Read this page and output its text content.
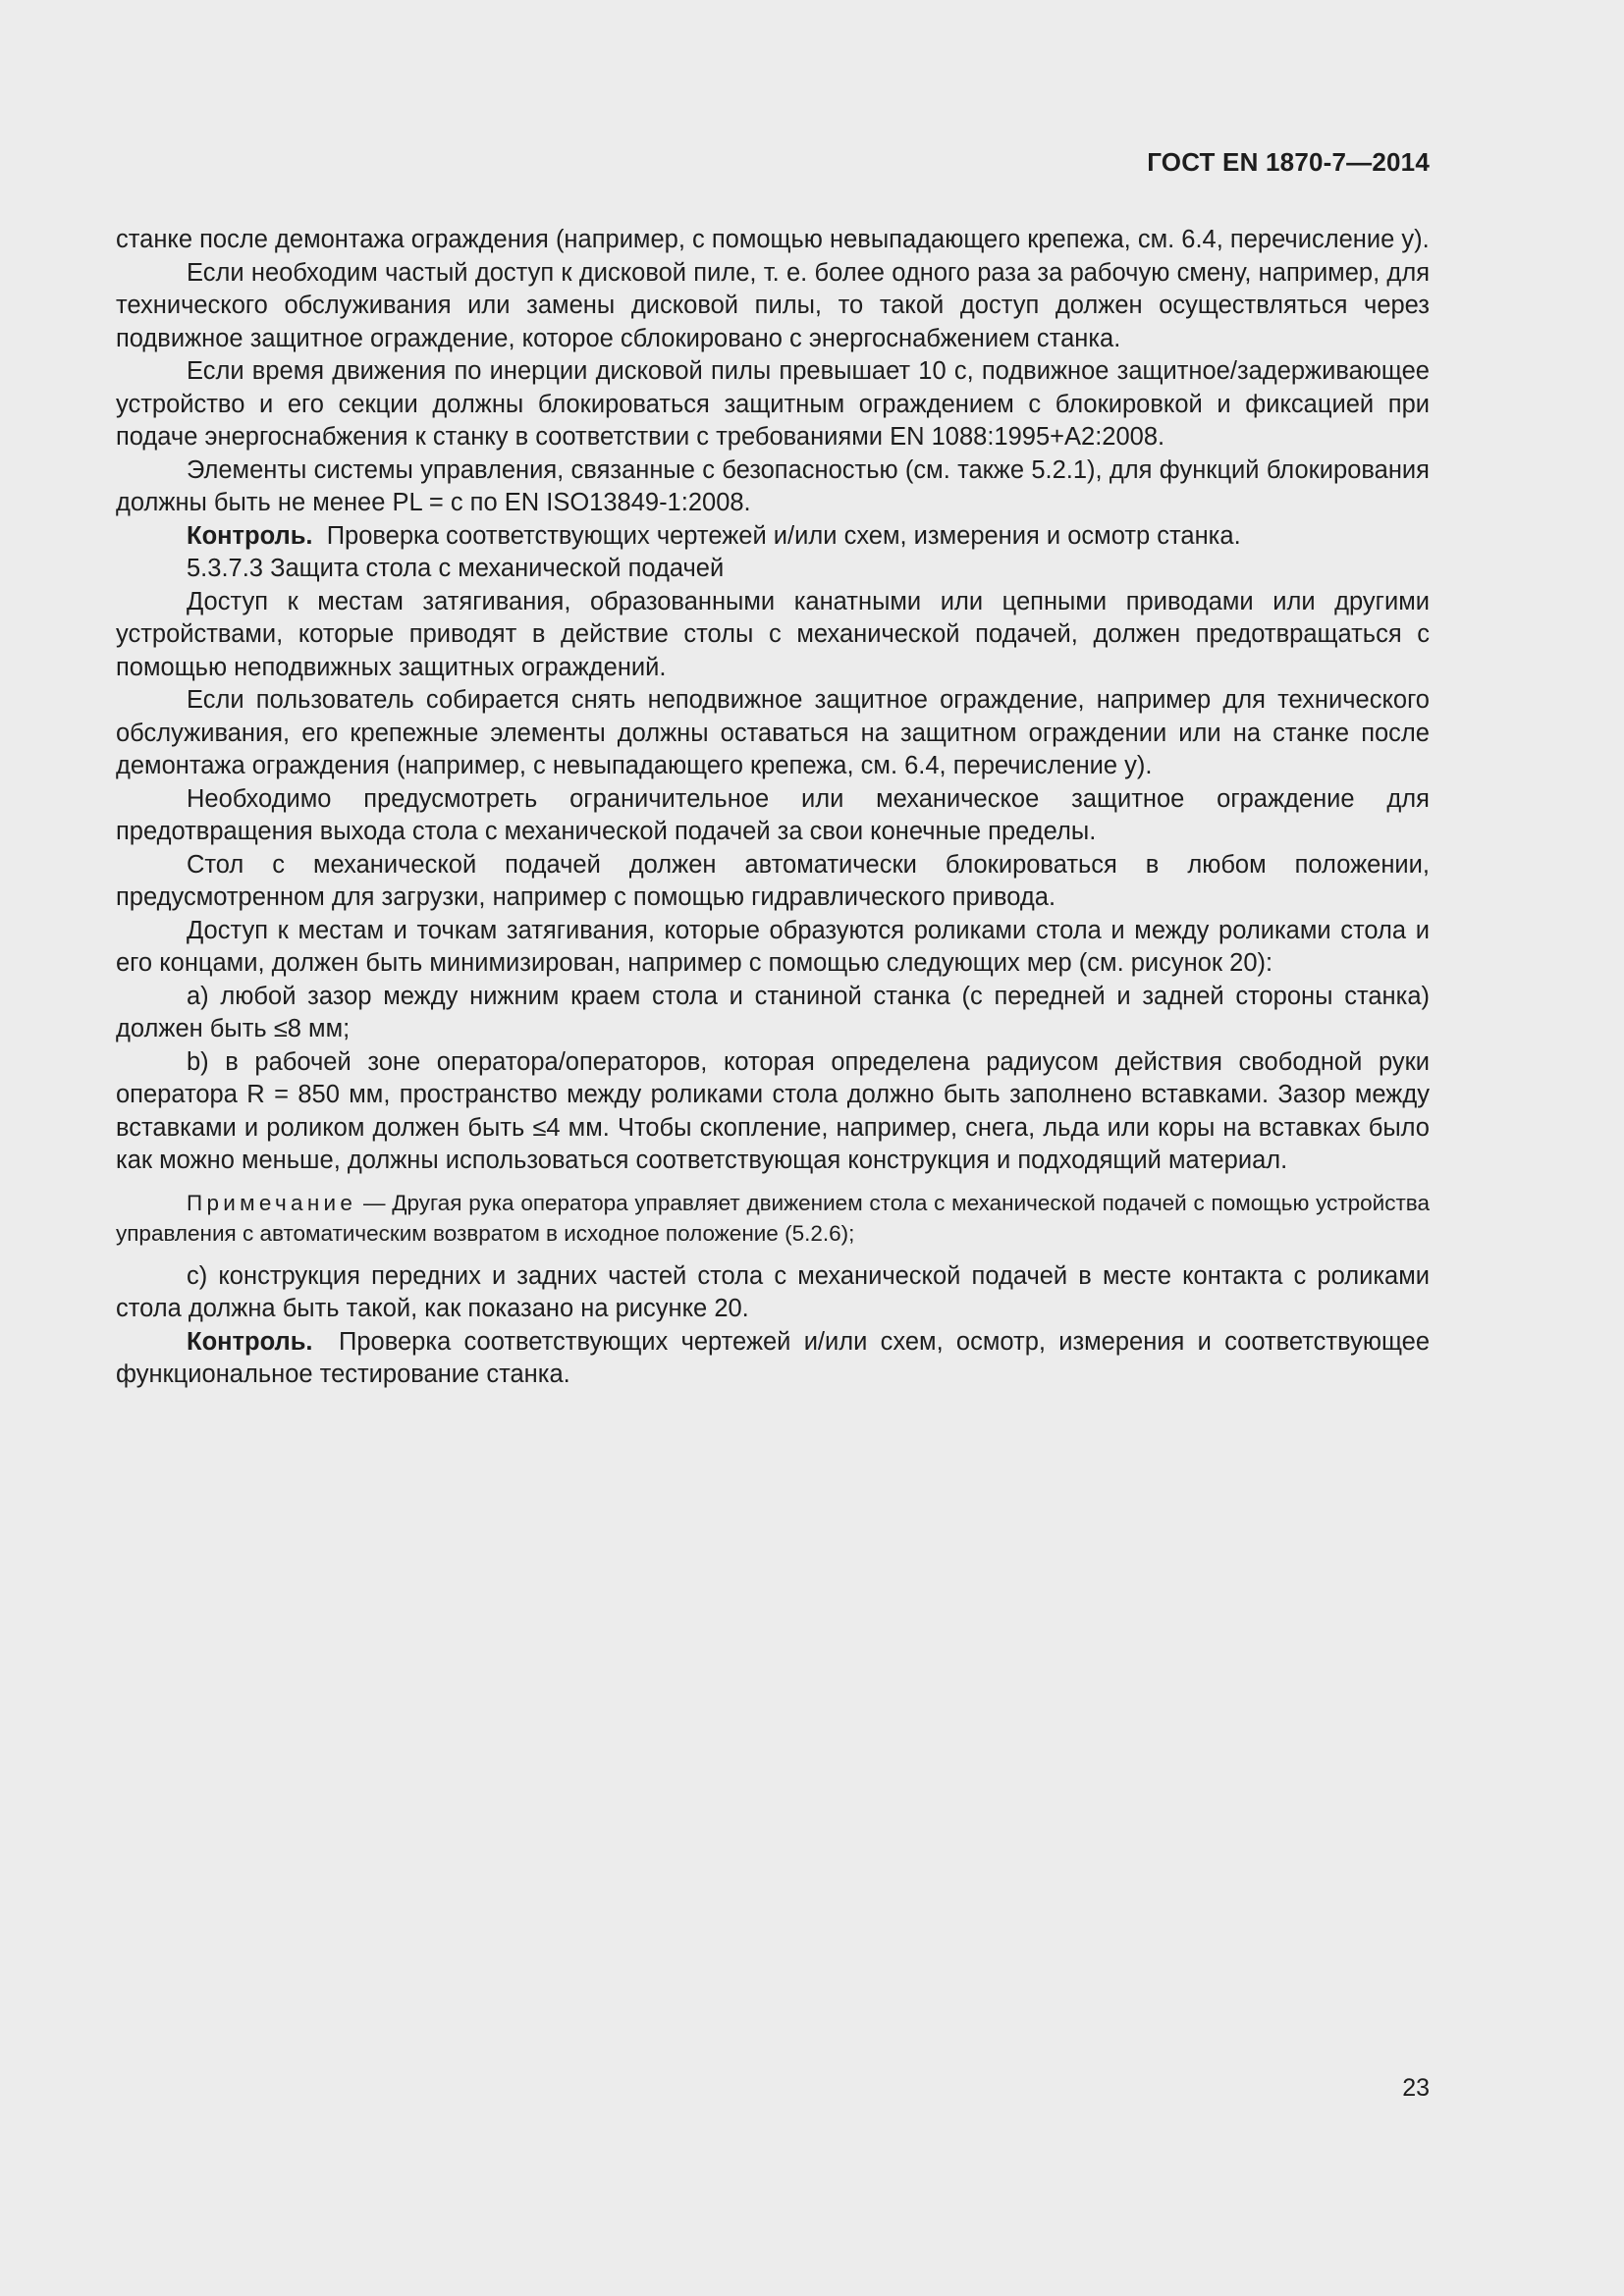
ГОСТ EN 1870-7—2014

станке после демонтажа ограждения (например, с помощью невыпадающего крепежа, см. 6.4, перечисление у).

Если необходим частый доступ к дисковой пиле, т. е. более одного раза за рабочую смену, например, для технического обслуживания или замены дисковой пилы, то такой доступ должен осуществляться через подвижное защитное ограждение, которое сблокировано с энергоснабжением станка.

Если время движения по инерции дисковой пилы превышает 10 с, подвижное защитное/задерживающее устройство и его секции должны блокироваться защитным ограждением с блокировкой и фиксацией при подаче энергоснабжения к станку в соответствии с требованиями EN 1088:1995+A2:2008.

Элементы системы управления, связанные с безопасностью (см. также 5.2.1), для функций блокирования должны быть не менее PL = с по EN ISO13849-1:2008.

Контроль. Проверка соответствующих чертежей и/или схем, измерения и осмотр станка.

5.3.7.3 Защита стола с механической подачей

Доступ к местам затягивания, образованными канатными или цепными приводами или другими устройствами, которые приводят в действие столы с механической подачей, должен предотвращаться с помощью неподвижных защитных ограждений.

Если пользователь собирается снять неподвижное защитное ограждение, например для технического обслуживания, его крепежные элементы должны оставаться на защитном ограждении или на станке после демонтажа ограждения (например, с невыпадающего крепежа, см. 6.4, перечисление у).

Необходимо предусмотреть ограничительное или механическое защитное ограждение для предотвращения выхода стола с механической подачей за свои конечные пределы.

Стол с механической подачей должен автоматически блокироваться в любом положении, предусмотренном для загрузки, например с помощью гидравлического привода.

Доступ к местам и точкам затягивания, которые образуются роликами стола и между роликами стола и его концами, должен быть минимизирован, например с помощью следующих мер (см. рисунок 20):

a) любой зазор между нижним краем стола и станиной станка (с передней и задней стороны станка) должен быть ≤8 мм;

b) в рабочей зоне оператора/операторов, которая определена радиусом действия свободной руки оператора R = 850 мм, пространство между роликами стола должно быть заполнено вставками. Зазор между вставками и роликом должен быть ≤4 мм. Чтобы скопление, например, снега, льда или коры на вставках было как можно меньше, должны использоваться соответствующая конструкция и подходящий материал.

Примечание — Другая рука оператора управляет движением стола с механической подачей с помощью устройства управления с автоматическим возвратом в исходное положение (5.2.6);

c) конструкция передних и задних частей стола с механической подачей в месте контакта с роликами стола должна быть такой, как показано на рисунке 20.

Контроль. Проверка соответствующих чертежей и/или схем, осмотр, измерения и соответствующее функциональное тестирование станка.

23
